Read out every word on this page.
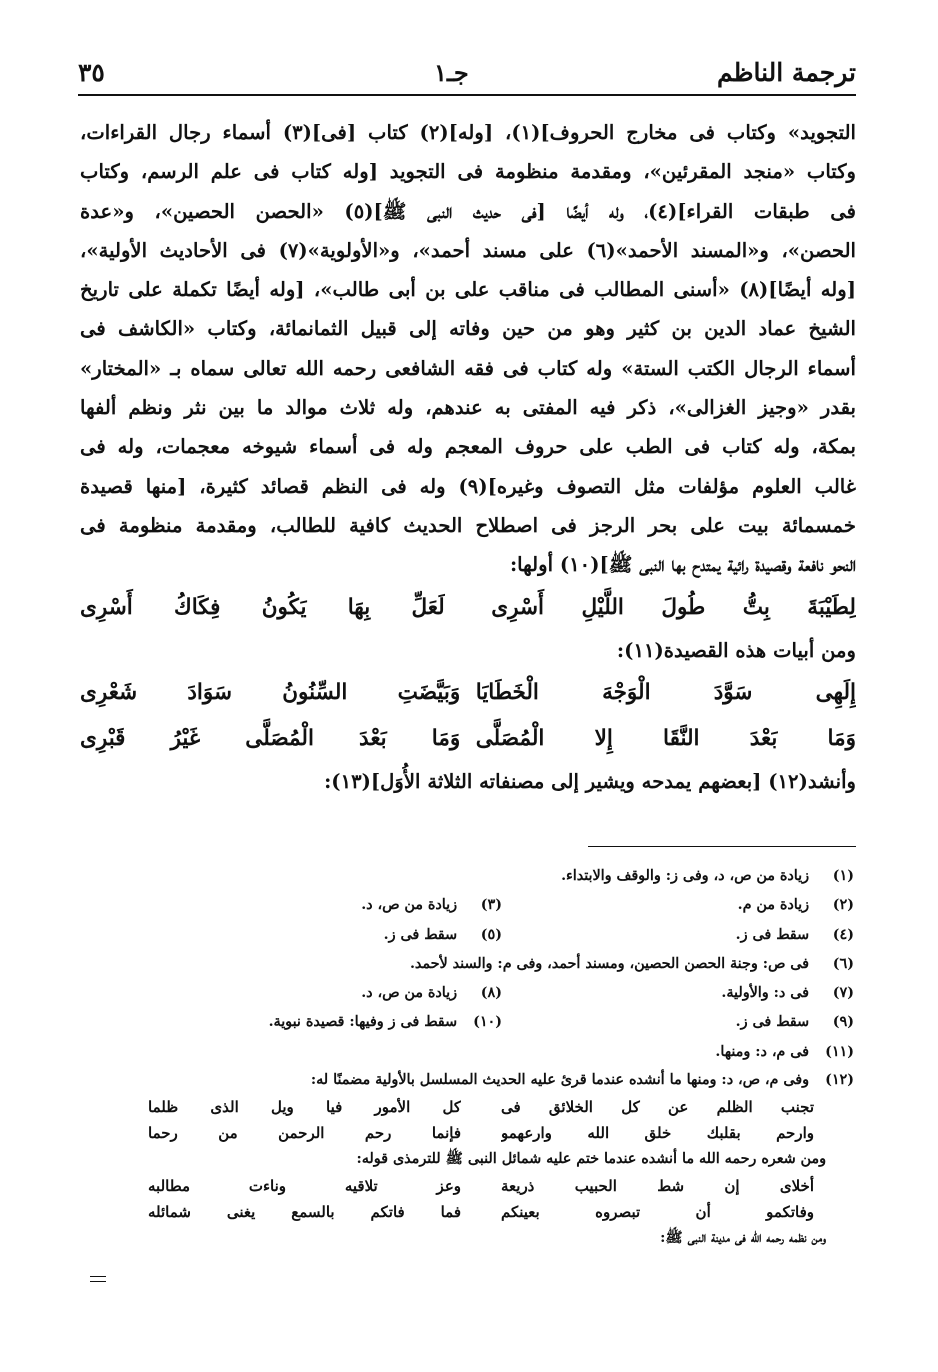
ترجمة الناظم
جـ١
٣٥
التجويد» وكتاب فى مخارج الحروف](١)، [وله](٢) كتاب [فى](٣) أسماء رجال القراءات،
وكتاب «منجد المقرئين»، ومقدمة منظومة فى التجويد [وله كتاب فى علم الرسم، وكتاب
فى طبقات القراء](٤)، وله أيضًا [فى حديث النبى ﷺ](٥) «الحصن الحصين»، و«عدة
الحصن»، و«المسند الأحمد»(٦) على مسند أحمد»، و«الأولوية»(٧) فى الأحاديث الأولية»،
[وله أيضًا](٨) «أسنى المطالب فى مناقب على بن أبى طالب»، [وله أيضًا تكملة على تاريخ
الشيخ عماد الدين بن كثير وهو من حين وفاته إلى قبيل الثمانمائة، وكتاب «الكاشف فى
أسماء الرجال الكتب الستة» وله كتاب فى فقه الشافعى رحمه الله تعالى سماه بـ «المختار»
بقدر «وجيز الغزالى»، ذكر فيه المفتى به عندهم، وله ثلاث موالد ما بين نثر ونظم ألفها
بمكة، وله كتاب فى الطب على حروف المعجم وله فى أسماء شيوخه معجمات، وله فى
غالب العلوم مؤلفات مثل التصوف وغيره](٩) وله فى النظم قصائد كثيرة، [منها قصيدة
خمسمائة بيت على بحر الرجز فى اصطلاح الحديث كافية للطالب، ومقدمة منظومة فى
النحو نافعة وقصيدة رائية يمتدح بها النبى ﷺ](١٠) أولها:
لِطَيْبَةَ بِتُّ طُولَ اللَّيْلِ أَسْرِى
لَعَلِّ بِهَا يَكُونُ فِكَاكُ أَسْرِى
ومن أبيات هذه القصيدة(١١):
إِلَهِى سَوَّدَ الْوَجْهَ الْخَطَايَا
وَبَيَّضَتِ السِّنُونُ سَوَادَ شَعْرِى
وَمَا بَعْدَ النَّقَا إِلا الْمُصَلَّى
وَمَا بَعْدَ الْمُصَلَّى غَيْرُ قَبْرِى
وأنشد(١٢) [بعضهم يمدحه ويشير إلى مصنفاته الثلاثة الأُوَل](١٣):
(١) زيادة من ص، د، وفى ز: والوقف والابتداء.
(٢) زيادة من م.
(٣) زيادة من ص، د.
(٤) سقط فى ز.
(٥) سقط فى ز.
(٦) فى ص: وجنة الحصن الحصين، ومسند أحمد، وفى م: والسند لأحمد.
(٧) فى د: والأولية.
(٨) زيادة من ص، د.
(٩) سقط فى ز.
(١٠) سقط فى ز وفيها: قصيدة نبوية.
(١١) فى م، د: ومنها.
(١٢) وفى م، ص، د: ومنها ما أنشده عندما قرئ عليه الحديث المسلسل بالأولية مضمنًا له:
تجنب الظلم عن كل الخلائق فى
كل الأمور فيا ويل الذى ظلما
وارحم بقلبك خلق الله وارعهمو
فإنما رحم الرحمن من رحما
ومن شعره رحمه الله ما أنشده عندما ختم عليه شمائل النبى ﷺ للترمذى قوله:
أخلاى إن شط الحبيب ذريعة
وعز تلاقيه وناءت مطالبه
وفاتكمو أن تبصروه بعينكم
فما فاتكم بالسمع يغنى شمائله
ومن نظمه رحمه الله فى مدينة النبى ﷺ:
